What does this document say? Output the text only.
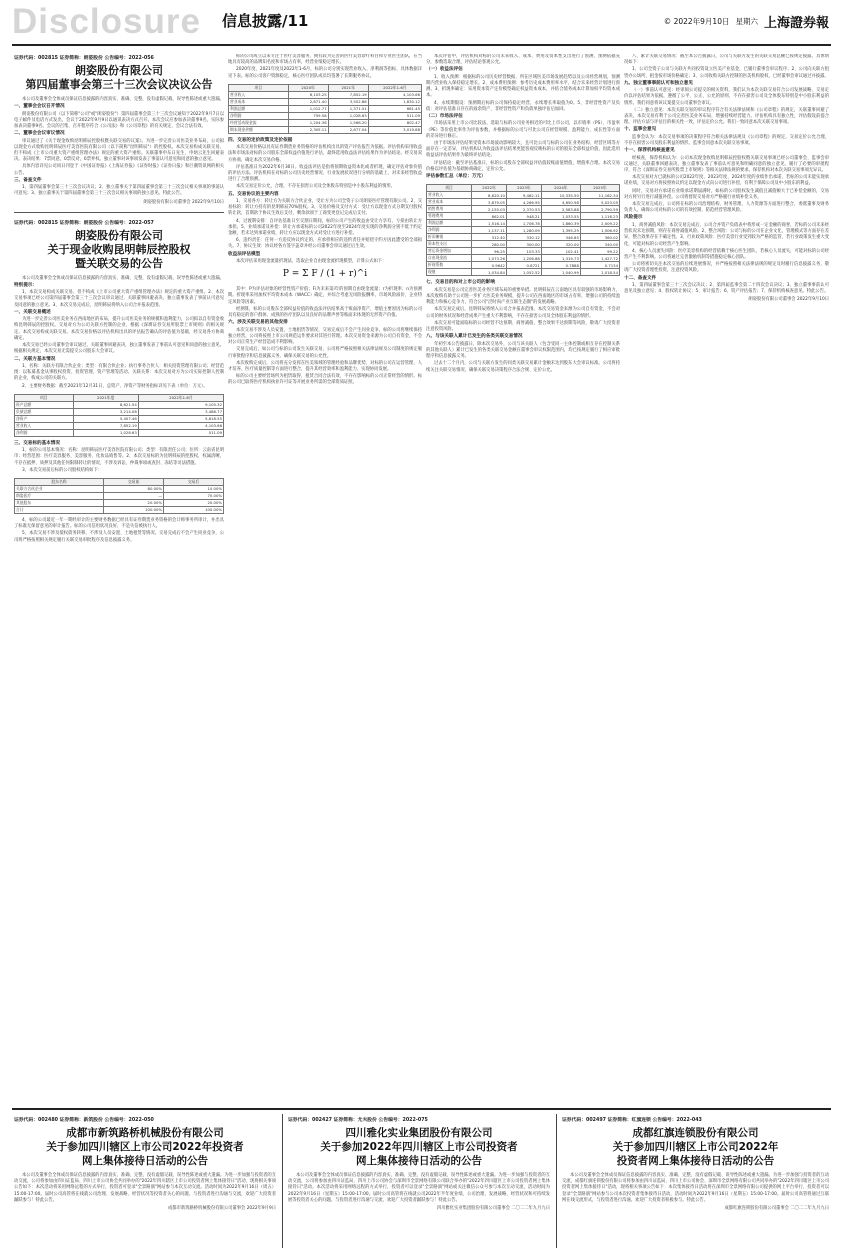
Disclosure 信息披露/11	© 2022年9月10日 星期六 上海證券報
证券代码：002815 证券简称：朗姿股份 公告编号：2022-056
朗姿股份有限公司
第四届董事会第三十三次会议决议公告
本公司及董事会全体成员保证信息披露的内容真实、准确、完整，没有虚假记载、误导性陈述或重大遗漏。
一、董事会会议召开情况
朗姿股份有限公司（以下简称"公司"或"朗姿股份"）第四届董事会第三十三次会议通知于2022年9月7日以电子邮件及电话方式发出，会议于2022年9月9日以通讯表决方式召开。本次会议应参加表决董事9名，实际参加表决董事9名。会议的召集、召开程序符合《公司法》和《公司章程》的有关规定，会议合法有效。
二、董事会会议审议情况
审议通过了《关于现金收购昆明韩辰控股权暨关联交易的议案》。为进一步完善公司医美业务布局，公司拟以现金方式收购昆明韩辰医疗美容医院有限公司（以下简称"昆明韩辰"）的控股权。本次交易构成关联交易，但不构成《上市公司重大资产重组管理办法》规定的重大资产重组。关联董事申东日先生、申炳云先生回避表决。表决结果：7票同意，0票反对，0票弃权。独立董事对该事项发表了事前认可意见和同意的独立意见。
具体内容详见公司同日刊登于《中国证券报》《上海证券报》《证券时报》《证券日报》和巨潮资讯网的相关公告。
三、备查文件
1、第四届董事会第三十三次会议决议；2、独立董事关于第四届董事会第三十三次会议相关事项的事前认可意见；3、独立董事关于第四届董事会第三十三次会议相关事项的独立意见。特此公告。
朗姿股份有限公司董事会 2022年9月10日
证券代码：002815 证券简称：朗姿股份 公告编号：2022-057
朗姿股份有限公司
关于现金收购昆明韩辰控股权
暨关联交易的公告
本公司及董事会全体成员保证信息披露的内容真实、准确、完整，没有虚假记载、误导性陈述或重大遗漏。
特别提示：
1、本次交易构成关联交易，但不构成《上市公司重大资产重组管理办法》规定的重大资产重组。2、本次交易事项已经公司第四届董事会第三十三次会议审议通过，关联董事回避表决，独立董事发表了事前认可意见及同意的独立意见。3、本次交易完成后，昆明韩辰将纳入公司合并报表范围。
一、关联交易概述
为进一步完善公司医美业务在西南地区的布局，提升公司医美业务的规模和盈利能力，公司拟以自有资金收购昆明韩辰的控股权。交易对方为公司关联方控制的企业，根据《深圳证券交易所股票上市规则》的相关规定，本次交易构成关联交易。本次交易价格以评估机构出具的评估报告确认的评估值为基础，经交易各方协商确定。
本次交易已经公司董事会审议通过，关联董事回避表决，独立董事发表了事前认可意见和同意的独立意见。根据相关规定，本次交易无需提交公司股东大会审议。
二、关联方基本情况
1、名称：关联方有限合伙企业；类型：有限合伙企业；执行事务合伙人：相关投资管理有限公司；经营范围：以私募基金从事股权投资、投资管理、资产管理等活动。关联关系：本次交易对方为公司实际控制人控制的企业，构成公司的关联方。
2、主要财务数据：截至2021年12月31日，总资产、净资产等财务指标详见下表（单位：万元）。
项目	2021年度	2022年1-6月
资产总额	8,621.54	9,105.32
负债总额	3,214.08	3,486.77
净资产	5,407.46	5,618.55
营业收入	7,852.19	4,103.66
净利润	1,028.63	511.09
三、交易标的基本情况
1、标的公司基本情况：名称：昆明韩辰医疗美容医院有限公司；类型：有限责任公司；住所：云南省昆明市；经营范围：医疗美容服务、美容服务、化妆品销售等。2、本次交易标的为昆明韩辰的控股权，权属清晰，不存在抵押、质押及其他任何限制转让的情况，不涉及诉讼、仲裁事项或查封、冻结等司法措施。
3、本次交易前后标的公司股权结构如下：
股东名称	交易前	交易后
关联方合伙企业	80.00%	10.00%
朗姿医疗	—	70.00%
其他股东	20.00%	20.00%
合计	100.00%	100.00%
4、标的公司最近一年一期经审计的主要财务数据已经具有证券期货业务资格的会计师事务所审计，并出具了标准无保留意见的审计报告。标的公司信用状况良好，不是失信被执行人。
5、本次交易不涉及债权债务转移，不涉及人员安置、土地租赁等情况。交易完成后不会产生同业竞争，公司将严格按照相关规定履行关联交易审批程序及信息披露义务。
标的公司成立以来专注于医疗美容服务，拥有较为完善的医疗美容诊疗科目和专业医生团队，在当地具有较高的品牌知名度和市场占有率，经营业绩稳定增长。
2020年度、2021年度及2022年1-6月，标的公司分别实现营业收入、净利润等指标，具体数据详见下表。标的公司客户资源稳定，核心医疗团队成员均签署了长期服务协议。
项目	2020年	2021年	2022年1-6月
营业收入	6,103.25	7,852.19	4,103.66
营业成本	2,871.40	3,502.88	1,830.12
利润总额	1,012.77	1,371.51	681.45
净利润	759.58	1,028.63	511.09
经营活动现金流	1,204.36	1,566.20	802.47
期末现金余额	2,305.11	2,877.04	3,019.88
四、交易的定价政策及定价依据
本次交易价格以具有证券期货业务资格的评估机构出具的资产评估报告为依据。评估机构采用收益法和市场法对标的公司股东全部权益价值进行评估，最终选用收益法评估结果作为评估结论。经交易双方协商，确定本次交易价格。
评估基准日为2022年6月30日。收益法评估是指将预期收益资本化或者折现，确定评估对象价值的评估方法。评估机构在对标的公司历史经营情况、行业发展状况进行分析的基础上，对未来经营收益进行了合理预测。
本次交易定价公允、合理，不存在损害公司及全体股东特别是中小股东利益的情形。
五、交易协议的主要内容
1、交易各方：转让方为关联方合伙企业，受让方为公司全资子公司朗姿医疗管理有限公司。2、交易标的：转让方持有的昆明韩辰70%股权。3、交易价格及支付方式：受让方以现金方式分期支付股权转让款，首期款于协议生效后支付，剩余款项于工商变更登记完成后支付。
4、过渡期安排：自评估基准日至交割日期间，标的公司产生的收益由受让方享有，亏损由转让方承担。5、业绩承诺及补偿：转让方承诺标的公司2022年度至2024年度实现的净利润分别不低于约定金额，若未达到承诺业绩，转让方应以现金方式对受让方进行补偿。
6、违约责任：任何一方违反协议约定的，应承担相应的违约责任并赔偿守约方因此遭受的全部损失。7、协议生效：协议经各方签字盖章并经公司董事会审议通过后生效。
收益法评估模型
本次评估采用现金流量折现法，选取企业自由现金流折现模型，计算公式如下：
P = Σ F / (1 + r)^i
其中：P为评估对象的经营性资产价值；Fi为未来第i年的预期自由现金流量；r为折现率；n为预测期。折现率采用加权平均资本成本（WACC）确定，并综合考虑无风险报酬率、市场风险溢价、企业特定风险等因素。
经测算，标的公司股东全部权益价值的收益法评估结果高于账面净资产，增值主要原因为标的公司具有稳定的客户群体、成熟的医疗团队以及良好的品牌声誉等账面未体现的无形资产价值。
六、涉及关联交易的其他安排
本次交易不涉及人员安置、土地租赁等情况，交易完成后不会产生同业竞争。标的公司将继续保持独立经营，公司将按照上市公司规范运作要求对其进行管理。本次交易资金来源为公司自有资金，不会对公司正常生产经营造成不利影响。
交易完成后，如公司与标的公司发生关联交易，公司将严格按照相关法律法规及公司制度的规定履行审批程序和信息披露义务，确保关联交易的公允性。
本次收购完成后，公司将充分发挥在医美领域的管理经验和品牌优势，对标的公司在运营管理、人才培养、医疗质量控制等方面进行整合，提升其经营效率和盈利能力，实现协同发展。
标的公司主要经营场所为租赁取得，租赁合同合法有效，不存在影响标的公司正常经营的情形。标的公司已取得医疗机构执业许可证等开展业务所需的全部资质证照。
本次评估中，评估机构对标的公司未来收入、成本、费用及资本性支出进行了预测，预测依据充分，参数选取合理，评估结论客观公允。
（一）收益法评估
1、收入预测：根据标的公司历史经营数据、所在区域医美市场发展趋势以及公司经营规划，预测期内营业收入保持稳定增长。2、成本费用预测：参考历史成本费用率水平，结合未来经营计划进行预测。3、折现率确定：采用资本资产定价模型确定权益资本成本，并结合债务成本计算加权平均资本成本。
4、永续期假设：预测期后标的公司保持稳定经营，永续增长率取值为0。5、非经营性资产及负债：对评估基准日存在的溢余资产、非经营性资产和负债单独评估后加回。
（二）市场法评估
市场法采用上市公司比较法，选取与标的公司业务相近的可比上市公司，以市销率（PS）、市盈率（PE）等价值比率作为评估参数，并根据标的公司与可比公司在经营规模、盈利能力、成长性等方面的差异进行修正。
由于市场法评估结果受资本市场波动影响较大，且可比公司与标的公司在业务结构、经营区域等方面存在一定差异，评估机构认为收益法评估结果更能客观反映标的公司的股东全部权益价值，因此选用收益法评估结果作为最终评估结论。
评估结论：截至评估基准日，标的公司股东全部权益评估值较账面值增值，增值率合理。本次交易价格以评估值为基础协商确定，定价公允。
评估参数汇总（单位：万元）
项目	2022年	2023年	2024年	2025年
营业收入	8,620.10	9,482.11	10,335.50	11,162.34
营业成本	3,879.05	4,266.95	4,650.98	5,023.05
销售费用	2,155.03	2,370.53	2,583.88	2,790.59
管理费用	862.01	948.21	1,033.55	1,116.23
利润总额	1,516.14	1,706.78	1,860.39	2,009.22
净利润	1,137.11	1,280.09	1,395.29	1,506.92
折旧摊销	312.40	330.12	346.85	360.02
资本性支出	280.00	300.00	320.00	340.00
营运资金增加	96.25	103.33	102.41	99.22
自由现金流	1,073.26	1,206.88	1,319.73	1,427.72
折现系数	0.9642	0.8721	0.7888	0.7134
现值	1,034.84	1,052.52	1,040.99	1,018.54
七、交易目的和对上市公司的影响
本次交易是公司完善医美业务区域布局的重要举措。昆明韩辰在云南地区具有较强的市场影响力，本次收购有助于公司进一步扩大医美业务规模，提升公司在西南地区的市场占有率，增强公司的持续盈利能力和核心竞争力，符合公司"泛时尚产业互联生态圈"的发展战略。
本次交易完成后，昆明韩辰将纳入公司合并报表范围。本次交易资金来源为公司自有资金，不会对公司的财务状况和经营成果产生重大不利影响，不存在损害公司及全体股东利益的情形。
本次交易可能面临标的公司经营不达预期、商誉减值、整合效果不达预期等风险，敬请广大投资者注意投资风险。
八、与该关联人累计已发生的各类关联交易情况
年初至本公告披露日，除本次交易外，公司与该关联人（包含受同一主体控制或相互存在控制关系的其他关联人）累计已发生的各类关联交易金额在董事会审议权限范围内，均已按规定履行了相应审批程序和信息披露义务。
过去十二个月内，公司与关联方发生的同类关联交易累计金额未达到股东大会审议标准。公司将持续关注关联交易情况，确保关联交易决策程序合法合规、定价公允。
八、累计关联交易情况：截至本公告披露日，公司与关联方发生的关联交易总额已按规定披露，具体情况如下：
1、公司全资子公司与关联方共同投资设立医美产业基金，已履行董事会审议程序；2、公司向关联方租赁办公场所，租金按市场价格确定；3、公司收购关联方控制的医美机构股权，已经董事会审议通过并披露。
九、独立董事事前认可和独立意见
（一）事前认可意见：经审阅公司提交的相关资料，我们认为本次关联交易符合公司发展战略，交易定价以评估结果为依据，遵循了公平、公正、公允的原则，不存在损害公司及全体股东特别是中小股东利益的情形。我们同意将该议案提交公司董事会审议。
（二）独立意见：本次关联交易的审议程序符合有关法律法规和《公司章程》的规定，关联董事回避了表决。本次交易有利于公司完善医美业务布局，增强持续经营能力。评估机构具有独立性，评估假设前提合理，评估方法与评估目的相关性一致，评估定价公允。我们一致同意本次关联交易事项。
十、监事会意见
监事会认为：本次交易事项的决策程序符合相关法律法规及《公司章程》的规定，交易定价公允合理，不存在损害公司及股东利益的情形。监事会同意本次关联交易事项。
十一、保荐机构核查意见
经核查，保荐机构认为：公司本次现金收购昆明韩辰控股权暨关联交易事项已经公司董事会、监事会审议通过，关联董事回避表决，独立董事发表了事前认可意见和明确同意的独立意见，履行了必要的审批程序，符合《深圳证券交易所股票上市规则》等相关法律法规的要求。保荐机构对本次关联交易事项无异议。
本次交易对方已就标的公司2022年度、2023年度、2024年度的业绩作出承诺，若标的公司未能实现承诺业绩，交易对方将按照协议约定以现金方式向公司进行补偿，有利于保障公司及中小股东的利益。
同时，交易对方承诺在业绩承诺期届满时，如标的公司股权发生减值且减值额大于已补偿金额的，交易对方将另行进行减值补偿。公司将督促交易对方严格履行业绩补偿义务。
本次交易完成后，公司将在标的公司治理结构、财务管理、人力资源等方面进行整合，委派董事及财务负责人，确保公司对标的公司的有效控制，防范经营管理风险。
风险提示
1、商誉减值风险：本次交易完成后，公司合并资产负债表中将形成一定金额的商誉，若标的公司未来经营状况未达预期，则存在商誉减值风险。2、整合风险：公司与标的公司在企业文化、管理模式等方面存在差异，整合效果存在不确定性。3、行业政策风险：医疗美容行业受到较为严格的监管，若行业政策发生重大变化，可能对标的公司经营产生影响。
4、核心人员流失风险：医疗美容机构的经营依赖于核心医生团队，若核心人员流失，可能对标的公司经营产生不利影响。公司将通过完善激励机制等措施稳定核心团队。
公司将密切关注本次交易的后续进展情况，并严格按照相关法律法规的规定及时履行信息披露义务，敬请广大投资者理性投资，注意投资风险。
十二、备查文件
1、第四届董事会第三十三次会议决议；2、第四届监事会第二十四次会议决议；3、独立董事事前认可意见及独立意见；4、股权转让协议；5、审计报告；6、资产评估报告；7、保荐机构核查意见。特此公告。
朗姿股份有限公司董事会 2022年9月10日
证券代码：002480 证券简称：新筑股份 公告编号：2022-050
成都市新筑路桥机械股份有限公司
关于参加四川辖区上市公司2022年投资者
网上集体接待日活动的公告
本公司及董事会全体成员保证信息披露的内容真实、准确、完整，没有虚假记载、误导性陈述或重大遗漏。为进一步加强与投资者的互动交流，公司将参加由四川证监局、四川上市公司协会共同举办的"2022年四川辖区上市公司投资者网上集体接待日"活动，现将相关事项公告如下：本次活动将采用网络远程的方式举行，投资者可登录"全景路演"网站参与本次互动交流。活动时间为2022年9月16日（周五）15:00-17:00。届时公司高管将在线就公司治理、发展战略、经营状况等投资者关心的问题，与投资者进行沟通与交流，欢迎广大投资者踊跃参与！特此公告。
成都市新筑路桥机械股份有限公司董事会 2022年9月9日
证券代码：002427 证券简称：尤夫股份 公告编号：2022-075
四川雅化实业集团股份有限公司
关于参加2022年四川辖区上市公司投资者
网上集体接待日活动的公告
本公司及董事会全体成员保证信息披露的内容真实、准确、完整，没有虚假记载、误导性陈述或重大遗漏。为进一步加强与投资者的互动交流，公司将参加由四川证监局、四川上市公司协会与深圳市全景网络有限公司联合举办的"2022年四川辖区上市公司投资者网上集体接待日"活动。本次活动将采用网络远程的方式举行，投资者可以登录"全景路演"网站或关注微信公众号参与本次互动交流，活动时间为2022年9月16日（星期五）15:00-17:00。届时公司高管将在线就公司2022年半年度业绩、公司治理、发展战略、经营状况和可持续发展等投资者关心的问题，与投资者进行沟通与交流，欢迎广大投资者踊跃参与！特此公告。
四川雅化实业集团股份有限公司董事会 二〇二二年九月九日
证券代码：002497 证券简称：红旗连锁 公告编号：2022-043
成都红旗连锁股份有限公司
关于参加四川辖区上市公司2022年
投资者网上集体接待日活动的公告
本公司及董事会全体成员保证信息披露的内容真实、准确、完整，没有虚假记载、误导性陈述或重大遗漏。为进一步加强与投资者的互动交流，成都红旗连锁股份有限公司将参加由四川证监局、四川上市公司协会、深圳市全景网络有限公司共同举办的"2022年四川辖区上市公司投资者网上集体接待日"活动，现将相关事项公告如下：本次集体接待日活动将在深圳市全景网络有限公司提供的网上平台举行，投资者可以登录"全景路演"网站参与公司本次投资者集体接待日活动，活动时间为2022年9月16日（星期五）15:00-17:00。届时公司高管将通过互联网在线交流形式，与投资者进行沟通。欢迎广大投资者积极参与。特此公告。
成都红旗连锁股份有限公司董事会 二〇二二年九月九日
